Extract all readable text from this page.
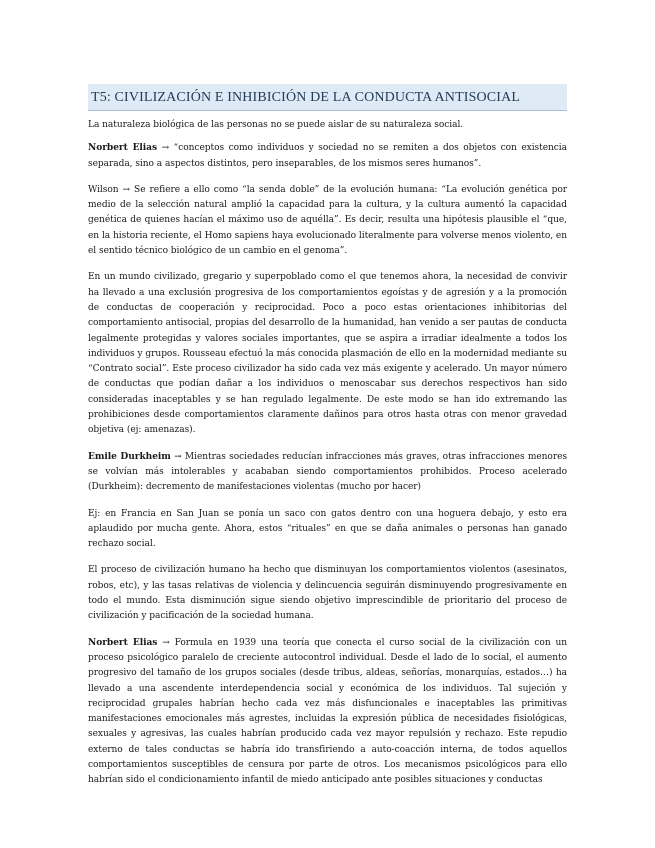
T5: CIVILIZACIÓN E INHIBICIÓN DE LA CONDUCTA ANTISOCIAL

La naturaleza biológica de las personas no se puede aislar de su naturaleza social.

Norbert Elias → “conceptos como individuos y sociedad no se remiten a dos objetos con existencia separada, sino a aspectos distintos, pero inseparables, de los mismos seres humanos”.

Wilson → Se refiere a ello como “la senda doble” de la evolución humana: “La evolución genética por medio de la selección natural amplió la capacidad para la cultura, y la cultura aumentó la capacidad genética de quienes hacían el máximo uso de aquélla”. Es decir, resulta una hipótesis plausible el “que, en la historia reciente, el Homo sapiens haya evolucionado literalmente para volverse menos violento, en el sentido técnico biológico de un cambio en el genoma”.

En un mundo civilizado, gregario y superpoblado como el que tenemos ahora, la necesidad de convivir ha llevado a una exclusión progresiva de los comportamientos egoístas y de agresión y a la promoción de conductas de cooperación y reciprocidad. Poco a poco estas orientaciones inhibitorias del comportamiento antisocial, propias del desarrollo de la humanidad, han venido a ser pautas de conducta legalmente protegidas y valores sociales importantes, que se aspira a irradiar idealmente a todos los individuos y grupos. Rousseau efectuó la más conocida plasmación de ello en la modernidad mediante su “Contrato social”. Este proceso civilizador ha sido cada vez más exigente y acelerado. Un mayor número de conductas que podían dañar a los individuos o menoscabar sus derechos respectivos han sido consideradas inaceptables y se han regulado legalmente. De este modo se han ido extremando las prohibiciones desde comportamientos claramente dañinos para otros hasta otras con menor gravedad objetiva (ej: amenazas).

Emile Durkheim → Mientras sociedades reducían infracciones más graves, otras infracciones menores se volvían más intolerables y acababan siendo comportamientos prohibidos. Proceso acelerado (Durkheim): decremento de manifestaciones violentas (mucho por hacer)

Ej: en Francia en San Juan se ponía un saco con gatos dentro con una hoguera debajo, y esto era aplaudido por mucha gente. Ahora, estos “rituales” en que se daña animales o personas han ganado rechazo social.

El proceso de civilización humano ha hecho que disminuyan los comportamientos violentos (asesinatos, robos, etc), y las tasas relativas de violencia y delincuencia seguirán disminuyendo progresivamente en todo el mundo. Esta disminución sigue siendo objetivo imprescindible de prioritario del proceso de civilización y pacificación de la sociedad humana.

Norbert Elias → Formula en 1939 una teoría que conecta el curso social de la civilización con un proceso psicológico paralelo de creciente autocontrol individual. Desde el lado de lo social, el aumento progresivo del tamaño de los grupos sociales (desde tribus, aldeas, señorías, monarquías, estados…) ha llevado a una ascendente interdependencia social y económica de los individuos. Tal sujeción y reciprocidad grupales habrían hecho cada vez más disfuncionales e inaceptables las primitivas manifestaciones emocionales más agrestes, incluidas la expresión pública de necesidades fisiológicas, sexuales y agresivas, las cuales habrían producido cada vez mayor repulsión y rechazo. Este repudio externo de tales conductas se habría ido transfiriendo a auto-coacción interna, de todos aquellos comportamientos susceptibles de censura por parte de otros. Los mecanismos psicológicos para ello habrían sido el condicionamiento infantil de miedo anticipado ante posibles situaciones y conductas
